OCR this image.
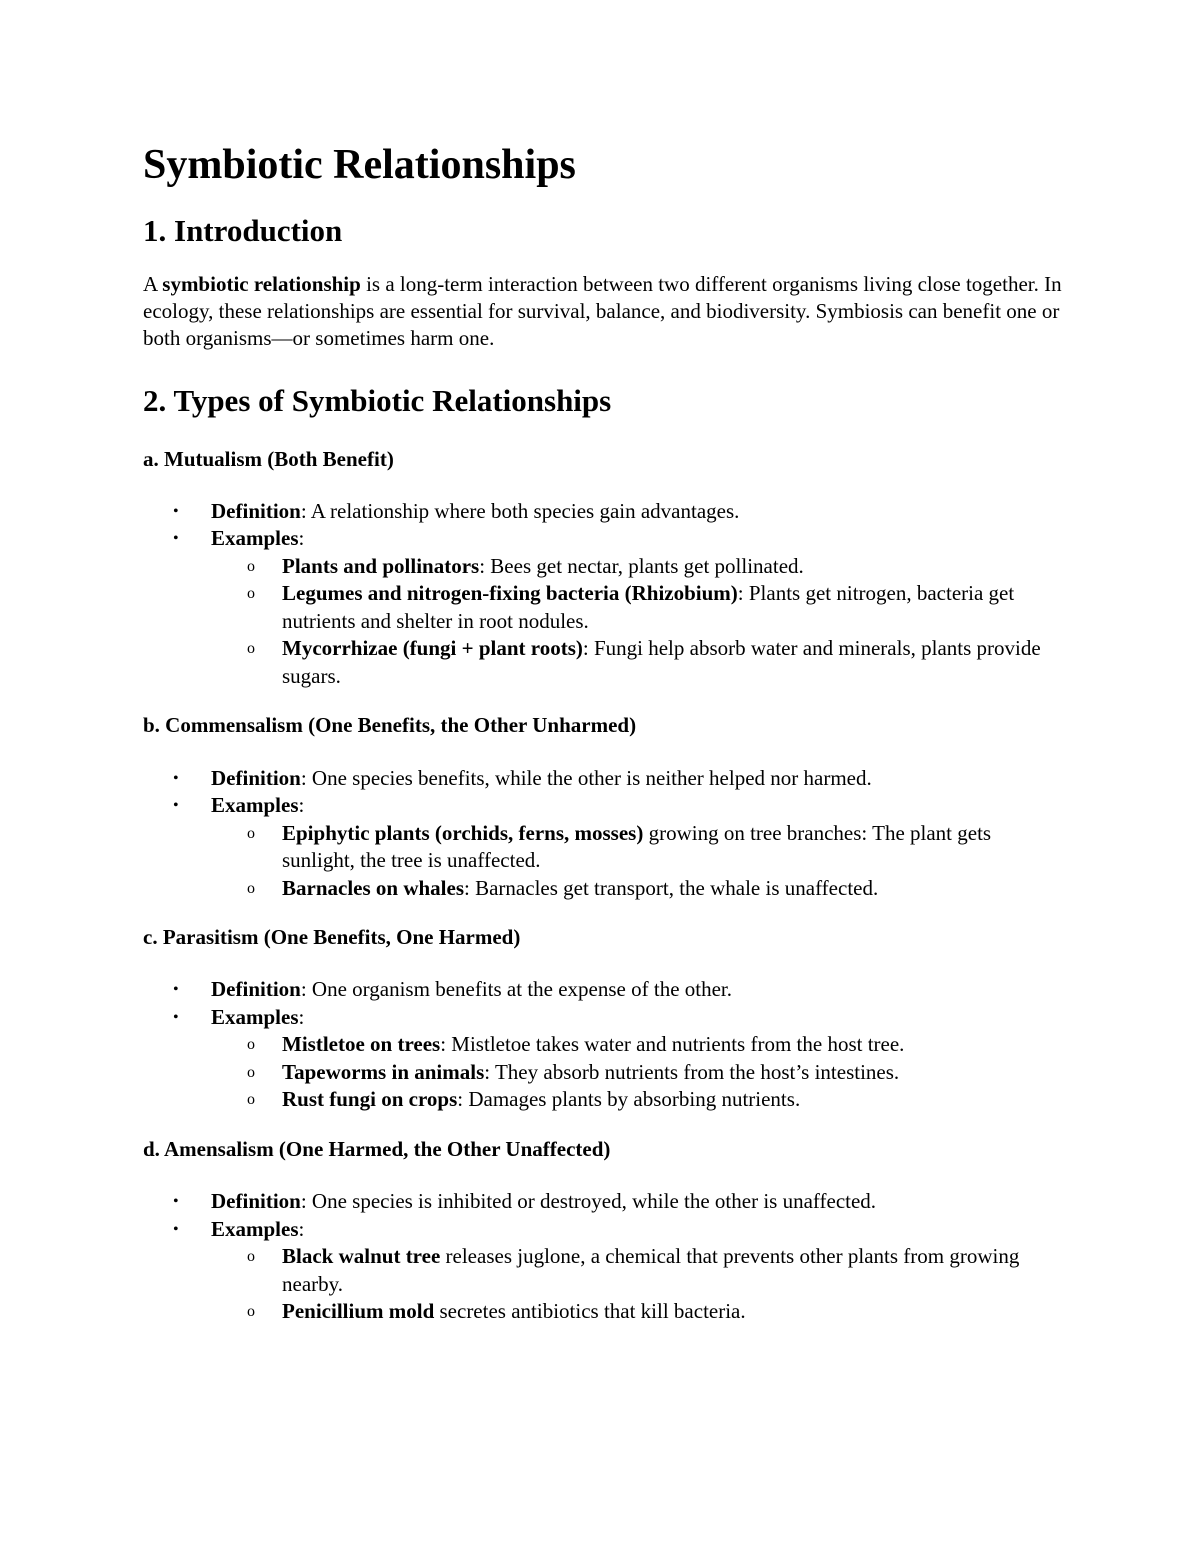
Symbiotic Relationships
1. Introduction

A symbiotic relationship is a long-term interaction between two different organisms living close together. In ecology, these relationships are essential for survival, balance, and biodiversity. Symbiosis can benefit one or both organisms—or sometimes harm one.

2. Types of Symbiotic Relationships
a. Mutualism (Both Benefit)
• Definition: A relationship where both species gain advantages.
• Examples:
o Plants and pollinators: Bees get nectar, plants get pollinated.
o Legumes and nitrogen-fixing bacteria (Rhizobium): Plants get nitrogen, bacteria get nutrients and shelter in root nodules.
o Mycorrhizae (fungi + plant roots): Fungi help absorb water and minerals, plants provide sugars.
b. Commensalism (One Benefits, the Other Unharmed)
• Definition: One species benefits, while the other is neither helped nor harmed.
• Examples:
o Epiphytic plants (orchids, ferns, mosses) growing on tree branches: The plant gets sunlight, the tree is unaffected.
o Barnacles on whales: Barnacles get transport, the whale is unaffected.
c. Parasitism (One Benefits, One Harmed)
• Definition: One organism benefits at the expense of the other.
• Examples:
o Mistletoe on trees: Mistletoe takes water and nutrients from the host tree.
o Tapeworms in animals: They absorb nutrients from the host’s intestines.
o Rust fungi on crops: Damages plants by absorbing nutrients.
d. Amensalism (One Harmed, the Other Unaffected)
• Definition: One species is inhibited or destroyed, while the other is unaffected.
• Examples:
o Black walnut tree releases juglone, a chemical that prevents other plants from growing nearby.
o Penicillium mold secretes antibiotics that kill bacteria.
